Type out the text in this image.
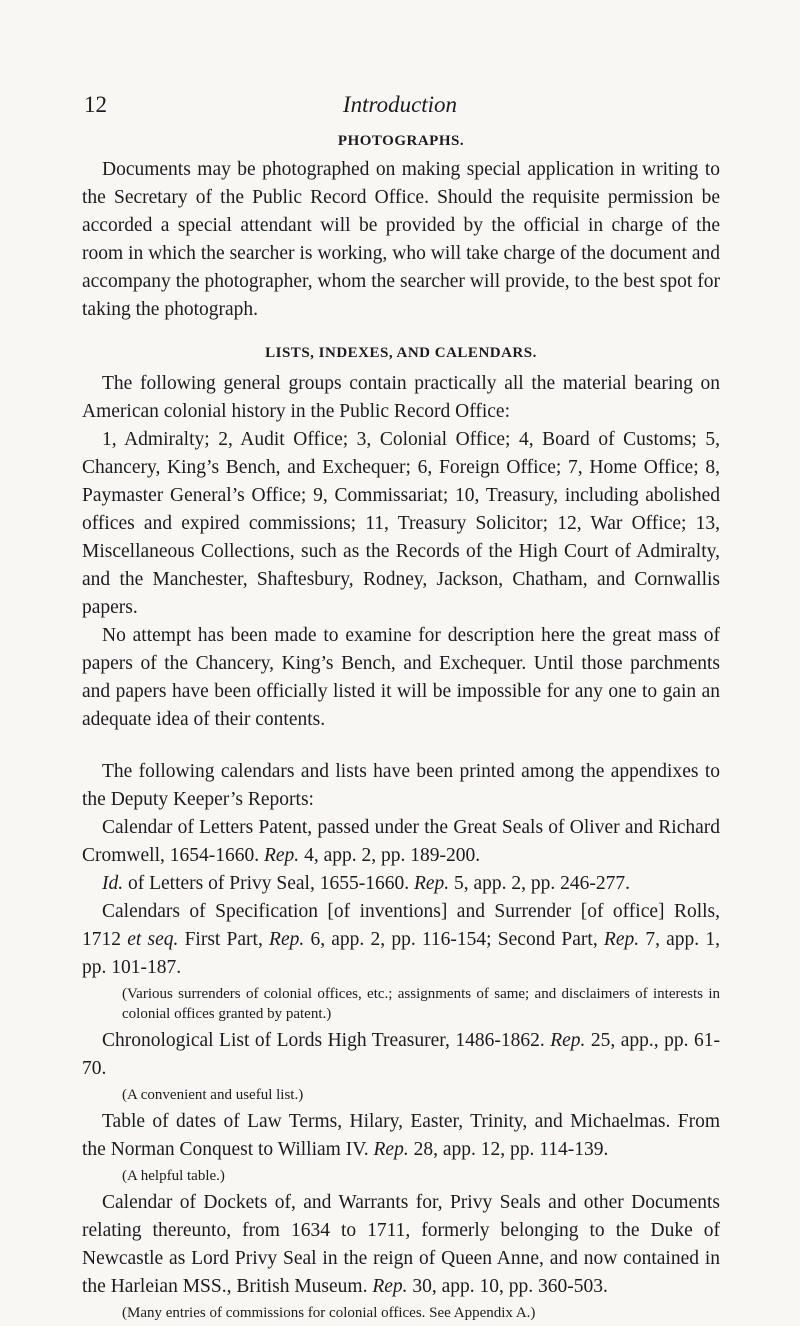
12	Introduction
PHOTOGRAPHS.

Documents may be photographed on making special application in writing to the Secretary of the Public Record Office. Should the requisite permission be accorded a special attendant will be provided by the official in charge of the room in which the searcher is working, who will take charge of the document and accompany the photographer, whom the searcher will provide, to the best spot for taking the photograph.

LISTS, INDEXES, AND CALENDARS.

The following general groups contain practically all the material bearing on American colonial history in the Public Record Office:

1, Admiralty; 2, Audit Office; 3, Colonial Office; 4, Board of Customs; 5, Chancery, King’s Bench, and Exchequer; 6, Foreign Office; 7, Home Office; 8, Paymaster General’s Office; 9, Commissariat; 10, Treasury, including abolished offices and expired commissions; 11, Treasury Solicitor; 12, War Office; 13, Miscellaneous Collections, such as the Records of the High Court of Admiralty, and the Manchester, Shaftesbury, Rodney, Jackson, Chatham, and Cornwallis papers.

No attempt has been made to examine for description here the great mass of papers of the Chancery, King’s Bench, and Exchequer. Until those parchments and papers have been officially listed it will be impossible for any one to gain an adequate idea of their contents.

The following calendars and lists have been printed among the appendixes to the Deputy Keeper’s Reports:

Calendar of Letters Patent, passed under the Great Seals of Oliver and Richard Cromwell, 1654-1660. Rep. 4, app. 2, pp. 189-200.

Id. of Letters of Privy Seal, 1655-1660. Rep. 5, app. 2, pp. 246-277.

Calendars of Specification [of inventions] and Surrender [of office] Rolls, 1712 et seq. First Part, Rep. 6, app. 2, pp. 116-154; Second Part, Rep. 7, app. 1, pp. 101-187.

(Various surrenders of colonial offices, etc.; assignments of same; and disclaimers of interests in colonial offices granted by patent.)

Chronological List of Lords High Treasurer, 1486-1862. Rep. 25, app., pp. 61-70.

(A convenient and useful list.)

Table of dates of Law Terms, Hilary, Easter, Trinity, and Michaelmas. From the Norman Conquest to William IV. Rep. 28, app. 12, pp. 114-139.

(A helpful table.)

Calendar of Dockets of, and Warrants for, Privy Seals and other Documents relating thereunto, from 1634 to 1711, formerly belonging to the Duke of Newcastle as Lord Privy Seal in the reign of Queen Anne, and now contained in the Harleian MSS., British Museum. Rep. 30, app. 10, pp. 360-503.

(Many entries of commissions for colonial offices. See Appendix A.)
